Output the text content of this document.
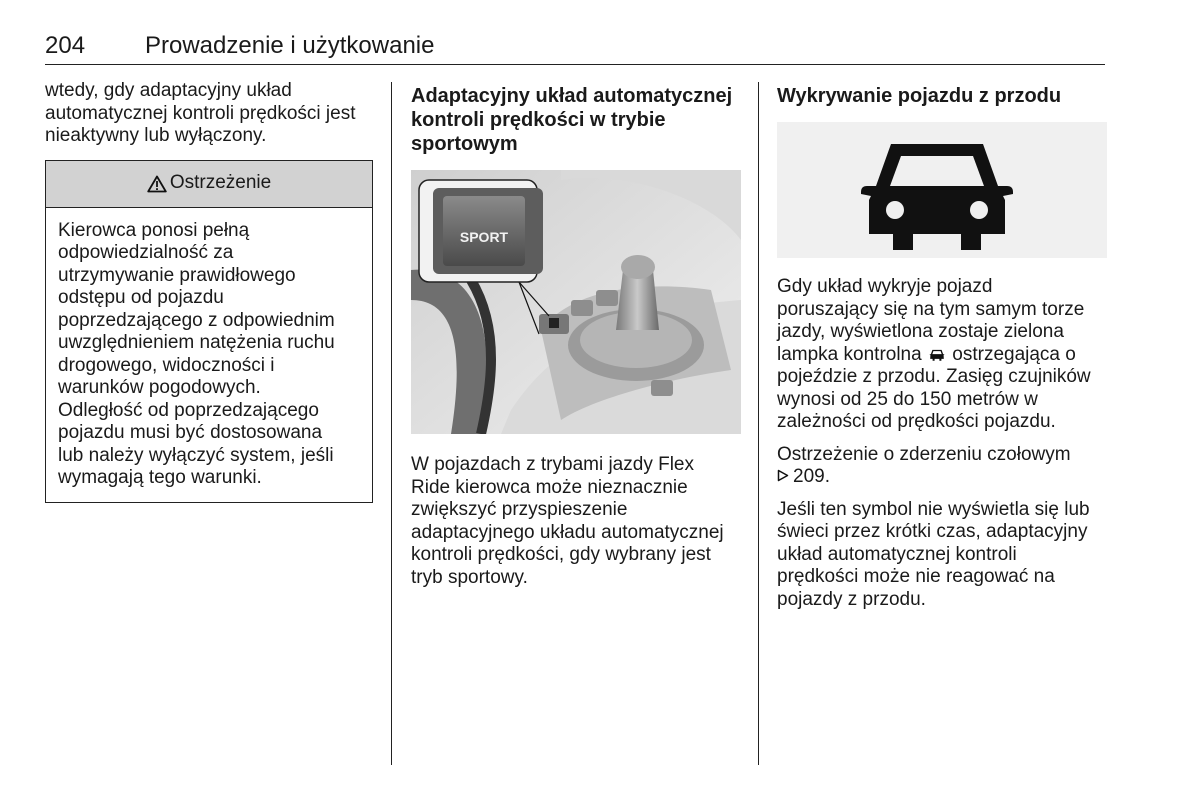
204 Prowadzenie i użytkowanie

wtedy, gdy adaptacyjny układ
automatycznej kontroli prędkości jest
nieaktywny lub wyłączony.

Ostrzeżenie
Kierowca ponosi pełną
odpowiedzialność za
utrzymywanie prawidłowego
odstępu od pojazdu
poprzedzającego z odpowiednim
uwzględnieniem natężenia ruchu
drogowego, widoczności i
warunków pogodowych.
Odległość od poprzedzającego
pojazdu musi być dostosowana
lub należy wyłączyć system, jeśli
wymagają tego warunki.

Adaptacyjny układ automatycznej
kontroli prędkości w trybie
sportowym

SPORT

W pojazdach z trybami jazdy Flex
Ride kierowca może nieznacznie
zwiększyć przyspieszenie
adaptacyjnego układu automatycznej
kontroli prędkości, gdy wybrany jest
tryb sportowy.

Wykrywanie pojazdu z przodu

Gdy układ wykryje pojazd
poruszający się na tym samym torze
jazdy, wyświetlona zostaje zielona
lampka kontrolna ostrzegająca o
pojeździe z przodu. Zasięg czujników
wynosi od 25 do 150 metrów w
zależności od prędkości pojazdu.

Ostrzeżenie o zderzeniu czołowym
209.

Jeśli ten symbol nie wyświetla się lub
świeci przez krótki czas, adaptacyjny
układ automatycznej kontroli
prędkości może nie reagować na
pojazdy z przodu.
